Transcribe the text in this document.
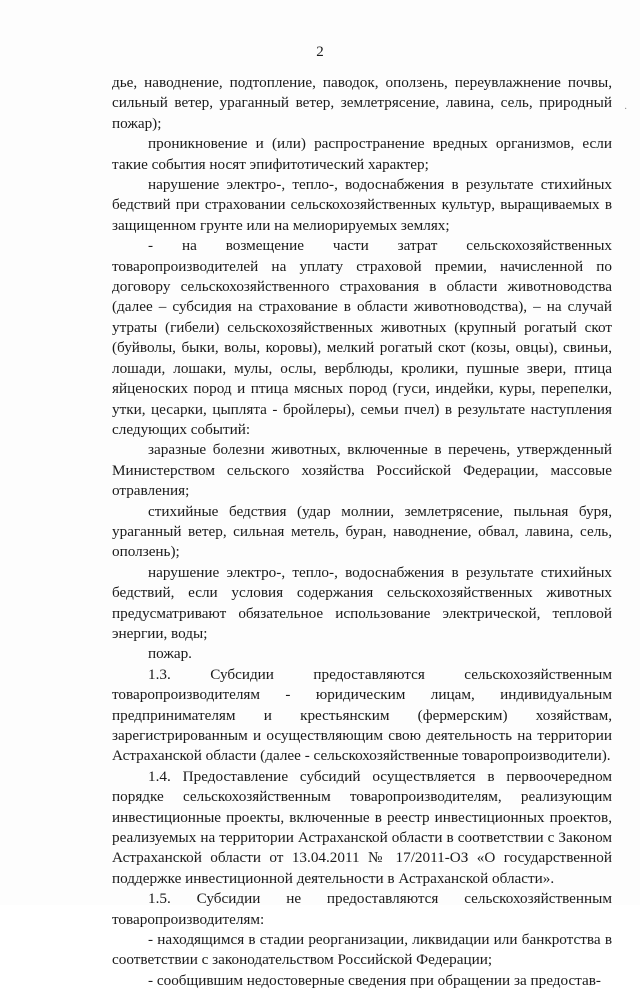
2
·

дье, наводнение, подтопление, паводок, оползень, переувлажнение почвы, сильный ветер, ураганный ветер, землетрясение, лавина, сель, природный пожар);

проникновение и (или) распространение вредных организмов, если такие события носят эпифитотический характер;

нарушение электро-, тепло-, водоснабжения в результате стихийных бедствий при страховании сельскохозяйственных культур, выращиваемых в защищенном грунте или на мелиорируемых землях;

- на возмещение части затрат сельскохозяйственных товаропроизводителей на уплату страховой премии, начисленной по договору сельскохозяйственного страхования в области животноводства (далее – субсидия на страхование в области животноводства), – на случай утраты (гибели) сельскохозяйственных животных (крупный рогатый скот (буйволы, быки, волы, коровы), мелкий рогатый скот (козы, овцы), свиньи, лошади, лошаки, мулы, ослы, верблюды, кролики, пушные звери, птица яйценоских пород и птица мясных пород (гуси, индейки, куры, перепелки, утки, цесарки, цыплята - бройлеры), семьи пчел) в результате наступления следующих событий:

заразные болезни животных, включенные в перечень, утвержденный Министерством сельского хозяйства Российской Федерации, массовые отравления;

стихийные бедствия (удар молнии, землетрясение, пыльная буря, ураганный ветер, сильная метель, буран, наводнение, обвал, лавина, сель, оползень);

нарушение электро-, тепло-, водоснабжения в результате стихийных бедствий, если условия содержания сельскохозяйственных животных предусматривают обязательное использование электрической, тепловой энергии, воды;

пожар.

1.3. Субсидии предоставляются сельскохозяйственным товаропроизводителям - юридическим лицам, индивидуальным предпринимателям и крестьянским (фермерским) хозяйствам, зарегистрированным и осуществляющим свою деятельность на территории Астраханской области (далее - сельскохозяйственные товаропроизводители).

1.4. Предоставление субсидий осуществляется в первоочередном порядке сельскохозяйственным товаропроизводителям, реализующим инвестиционные проекты, включенные в реестр инвестиционных проектов, реализуемых на территории Астраханской области в соответствии с Законом Астраханской области от 13.04.2011 № 17/2011-ОЗ «О государственной поддержке инвестиционной деятельности в Астраханской области».

1.5. Субсидии не предоставляются сельскохозяйственным товаропроизводителям:

- находящимся в стадии реорганизации, ликвидации или банкротства в соответствии с законодательством Российской Федерации;

- сообщившим недостоверные сведения при обращении за предостав-
